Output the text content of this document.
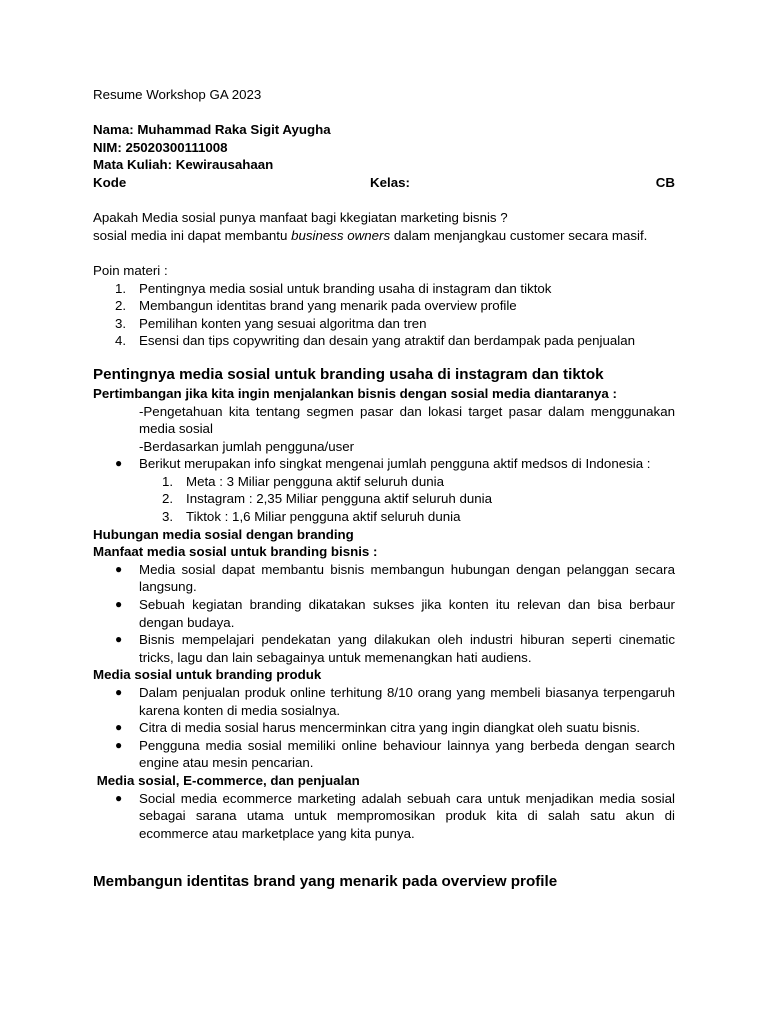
Resume Workshop GA 2023
Nama: Muhammad Raka Sigit Ayugha
NIM: 25020300111008
Mata Kuliah: Kewirausahaan
Kode	Kelas:	CB
Apakah Media sosial punya manfaat bagi kkegiatan marketing bisnis ?
sosial media ini dapat membantu business owners dalam menjangkau customer secara masif.
Poin materi :
1. Pentingnya media sosial untuk branding usaha di instagram dan tiktok
2. Membangun identitas brand yang menarik pada overview profile
3. Pemilihan konten yang sesuai algoritma dan tren
4. Esensi dan tips copywriting dan desain yang atraktif dan berdampak pada penjualan
Pentingnya media sosial untuk branding usaha di instagram dan tiktok
Pertimbangan jika kita ingin menjalankan bisnis dengan sosial media diantaranya :
-Pengetahuan kita tentang segmen pasar dan lokasi target pasar dalam menggunakan media sosial
-Berdasarkan jumlah pengguna/user
● Berikut merupakan info singkat mengenai jumlah pengguna aktif medsos di Indonesia :
1. Meta : 3 Miliar pengguna aktif seluruh dunia
2. Instagram : 2,35 Miliar pengguna aktif seluruh dunia
3. Tiktok : 1,6 Miliar pengguna aktif seluruh dunia
Hubungan media sosial dengan branding
Manfaat media sosial untuk branding bisnis :
● Media sosial dapat membantu bisnis membangun hubungan dengan pelanggan secara langsung.
● Sebuah kegiatan branding dikatakan sukses jika konten itu relevan dan bisa berbaur dengan budaya.
● Bisnis mempelajari pendekatan yang dilakukan oleh industri hiburan seperti cinematic tricks, lagu dan lain sebagainya untuk memenangkan hati audiens.
Media sosial untuk branding produk
● Dalam penjualan produk online terhitung 8/10 orang yang membeli biasanya terpengaruh karena konten di media sosialnya.
● Citra di media sosial harus mencerminkan citra yang ingin diangkat oleh suatu bisnis.
● Pengguna media sosial memiliki online behaviour lainnya yang berbeda dengan search engine atau mesin pencarian.
Media sosial, E-commerce, dan penjualan
● Social media ecommerce marketing adalah sebuah cara untuk menjadikan media sosial sebagai sarana utama untuk mempromosikan produk kita di salah satu akun di ecommerce atau marketplace yang kita punya.
Membangun identitas brand yang menarik pada overview profile
